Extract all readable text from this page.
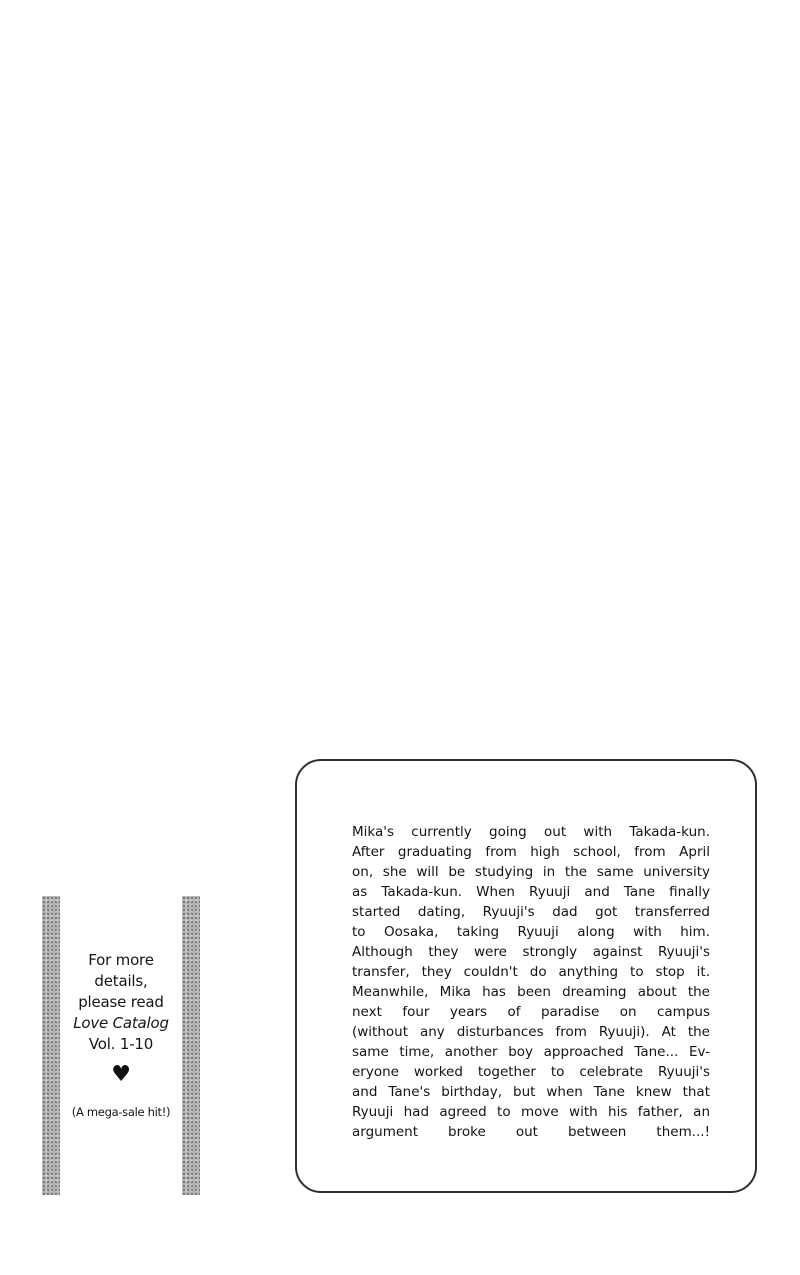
For more
details,
please read
Love Catalog
Vol. 1-10
♥
(A mega-sale hit!)
Mika's currently going out with Takada-kun.
After graduating from high school, from April
on, she will be studying in the same university
as Takada-kun. When Ryuuji and Tane finally
started dating, Ryuuji's dad got transferred
to Oosaka, taking Ryuuji along with him.
Although they were strongly against Ryuuji's
transfer, they couldn't do anything to stop it.
Meanwhile, Mika has been dreaming about the
next four years of paradise on campus
(without any disturbances from Ryuuji). At the
same time, another boy approached Tane... Ev-
eryone worked together to celebrate Ryuuji's
and Tane's birthday, but when Tane knew that
Ryuuji had agreed to move with his father, an
argument broke out between them...!
